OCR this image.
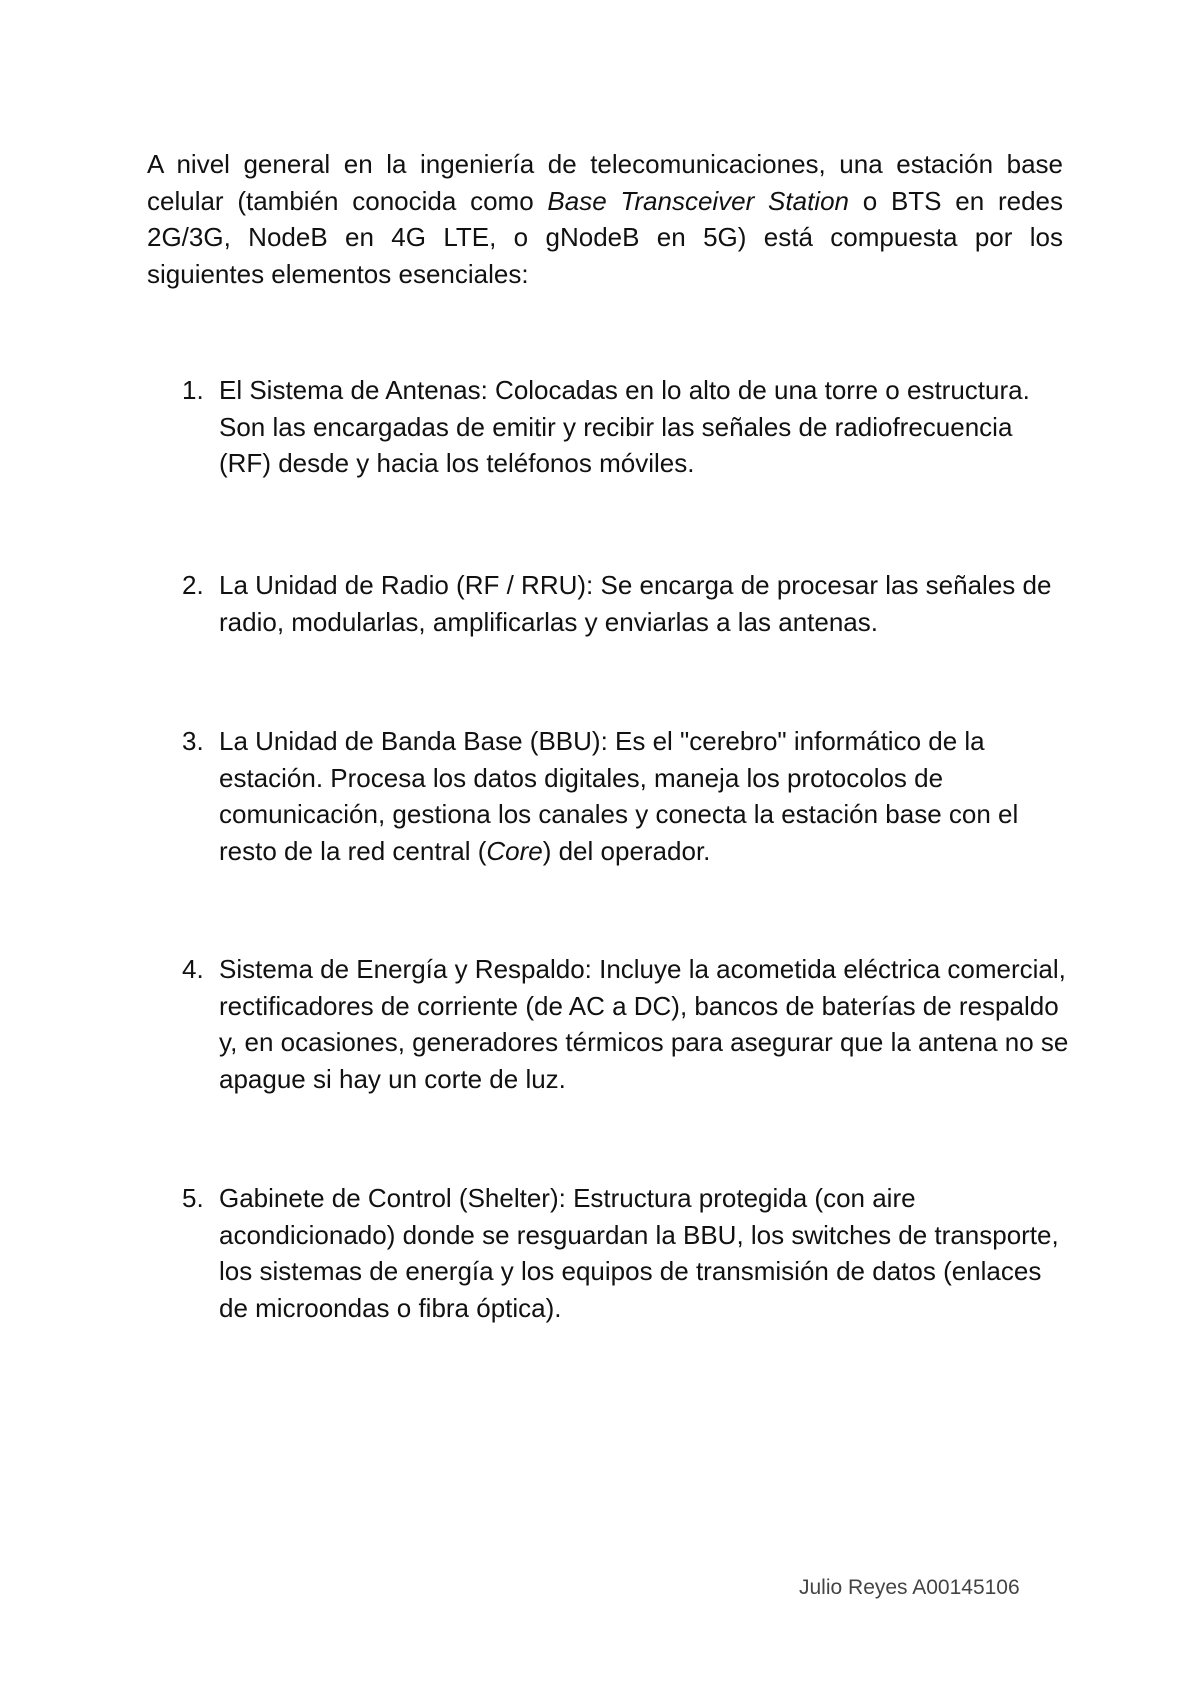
A nivel general en la ingeniería de telecomunicaciones, una estación base celular (también conocida como Base Transceiver Station o BTS en redes 2G/3G, NodeB en 4G LTE, o gNodeB en 5G) está compuesta por los siguientes elementos esenciales:

1. El Sistema de Antenas: Colocadas en lo alto de una torre o estructura. Son las encargadas de emitir y recibir las señales de radiofrecuencia (RF) desde y hacia los teléfonos móviles.
2. La Unidad de Radio (RF / RRU): Se encarga de procesar las señales de radio, modularlas, amplificarlas y enviarlas a las antenas.
3. La Unidad de Banda Base (BBU): Es el "cerebro" informático de la estación. Procesa los datos digitales, maneja los protocolos de comunicación, gestiona los canales y conecta la estación base con el resto de la red central (Core) del operador.
4. Sistema de Energía y Respaldo: Incluye la acometida eléctrica comercial, rectificadores de corriente (de AC a DC), bancos de baterías de respaldo y, en ocasiones, generadores térmicos para asegurar que la antena no se apague si hay un corte de luz.
5. Gabinete de Control (Shelter): Estructura protegida (con aire acondicionado) donde se resguardan la BBU, los switches de transporte, los sistemas de energía y los equipos de transmisión de datos (enlaces de microondas o fibra óptica).
Julio Reyes A00145106
